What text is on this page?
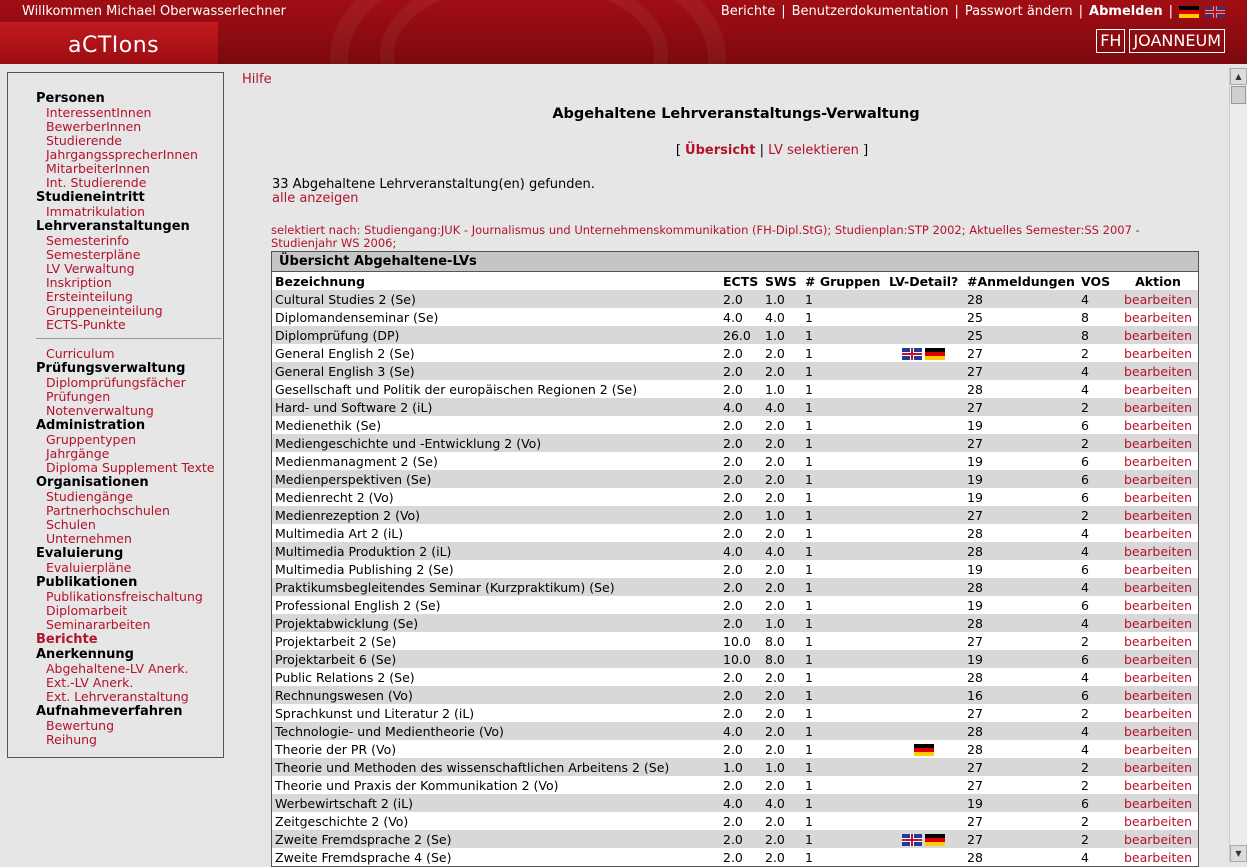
Willkommen Michael Oberwasserlechner
aCTIons
Berichte | Benutzerdokumentation | Passwort ändern | Abmelden |
FH JOANNEUM
Personen
InteressentInnen
BewerberInnen
Studierende
JahrgangssprecherInnen
MitarbeiterInnen
Int. Studierende
Studieneintritt
Immatrikulation
Lehrveranstaltungen
Semesterinfo
Semesterpläne
LV Verwaltung
Inskription
Ersteinteilung
Gruppeneinteilung
ECTS-Punkte
Curriculum
Prüfungsverwaltung
Diplomprüfungsfächer
Prüfungen
Notenverwaltung
Administration
Gruppentypen
Jahrgänge
Diploma Supplement Texte
Organisationen
Studiengänge
Partnerhochschulen
Schulen
Unternehmen
Evaluierung
Evaluierpläne
Publikationen
Publikationsfreischaltung
Diplomarbeit
Seminararbeiten
Berichte
Anerkennung
Abgehaltene-LV Anerk.
Ext.-LV Anerk.
Ext. Lehrveranstaltung
Aufnahmeverfahren
Bewertung
Reihung
Hilfe
Abgehaltene Lehrveranstaltungs-Verwaltung
[ Übersicht | LV selektieren ]
33 Abgehaltene Lehrveranstaltung(en) gefunden.
alle anzeigen
selektiert nach: Studiengang:JUK - Journalismus und Unternehmenskommunikation (FH-Dipl.StG); Studienplan:STP 2002; Aktuelles Semester:SS 2007 - Studienjahr WS 2006;
Übersicht Abgehaltene-LVs
Bezeichnung	ECTS	SWS	# Gruppen	LV-Detail?	#Anmeldungen	VOS	Aktion
Cultural Studies 2 (Se)	2.0	1.0	1		28	4	bearbeiten
Diplomandenseminar (Se)	4.0	4.0	1		25	8	bearbeiten
Diplomprüfung (DP)	26.0	1.0	1		25	8	bearbeiten
General English 2 (Se)	2.0	2.0	1		27	2	bearbeiten
General English 3 (Se)	2.0	2.0	1		27	4	bearbeiten
Gesellschaft und Politik der europäischen Regionen 2 (Se)	2.0	1.0	1		28	4	bearbeiten
Hard- und Software 2 (iL)	4.0	4.0	1		27	2	bearbeiten
Medienethik (Se)	2.0	2.0	1		19	6	bearbeiten
Mediengeschichte und -Entwicklung 2 (Vo)	2.0	2.0	1		27	2	bearbeiten
Medienmanagment 2 (Se)	2.0	2.0	1		19	6	bearbeiten
Medienperspektiven (Se)	2.0	2.0	1		19	6	bearbeiten
Medienrecht 2 (Vo)	2.0	2.0	1		19	6	bearbeiten
Medienrezeption 2 (Vo)	2.0	1.0	1		27	2	bearbeiten
Multimedia Art 2 (iL)	2.0	2.0	1		28	4	bearbeiten
Multimedia Produktion 2 (iL)	4.0	4.0	1		28	4	bearbeiten
Multimedia Publishing 2 (Se)	2.0	2.0	1		19	6	bearbeiten
Praktikumsbegleitendes Seminar (Kurzpraktikum) (Se)	2.0	2.0	1		28	4	bearbeiten
Professional English 2 (Se)	2.0	2.0	1		19	6	bearbeiten
Projektabwicklung (Se)	2.0	1.0	1		28	4	bearbeiten
Projektarbeit 2 (Se)	10.0	8.0	1		27	2	bearbeiten
Projektarbeit 6 (Se)	10.0	8.0	1		19	6	bearbeiten
Public Relations 2 (Se)	2.0	2.0	1		28	4	bearbeiten
Rechnungswesen (Vo)	2.0	2.0	1		16	6	bearbeiten
Sprachkunst und Literatur 2 (iL)	2.0	2.0	1		27	2	bearbeiten
Technologie- und Medientheorie (Vo)	4.0	2.0	1		28	4	bearbeiten
Theorie der PR (Vo)	2.0	2.0	1		28	4	bearbeiten
Theorie und Methoden des wissenschaftlichen Arbeitens 2 (Se)	1.0	1.0	1		27	2	bearbeiten
Theorie und Praxis der Kommunikation 2 (Vo)	2.0	2.0	1		27	2	bearbeiten
Werbewirtschaft 2 (iL)	4.0	4.0	1		19	6	bearbeiten
Zeitgeschichte 2 (Vo)	2.0	2.0	1		27	2	bearbeiten
Zweite Fremdsprache 2 (Se)	2.0	2.0	1		27	2	bearbeiten
Zweite Fremdsprache 4 (Se)	2.0	2.0	1		28	4	bearbeiten
▲
▼
